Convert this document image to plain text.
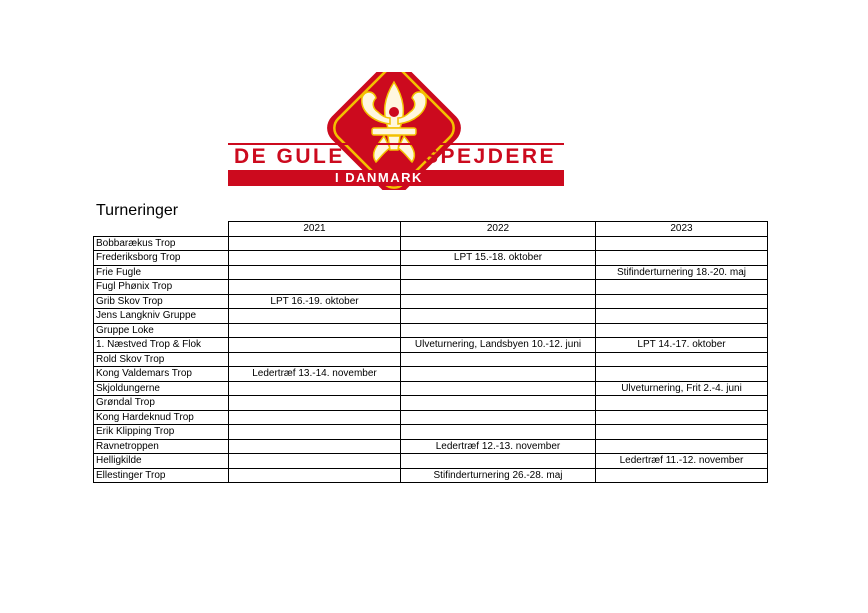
DE GULE	SPEJDERE
I DANMARK
Turneringer
	2021	2022	2023
Bobbarækus Trop			
Frederiksborg Trop		LPT 15.-18. oktober	
Frie Fugle			Stifinderturnering 18.-20. maj
Fugl Phønix Trop			
Grib Skov Trop	LPT 16.-19. oktober		
Jens Langkniv Gruppe			
Gruppe Loke			
1. Næstved Trop & Flok		Ulveturnering, Landsbyen 10.-12. juni	LPT 14.-17. oktober
Rold Skov Trop			
Kong Valdemars Trop	Ledertræf 13.-14. november		
Skjoldungerne			Ulveturnering, Frit 2.-4. juni
Grøndal Trop			
Kong Hardeknud Trop			
Erik Klipping Trop			
Ravnetroppen		Ledertræf 12.-13. november	
Helligkilde			Ledertræf 11.-12. november
Ellestinger Trop		Stifinderturnering 26.-28. maj	
